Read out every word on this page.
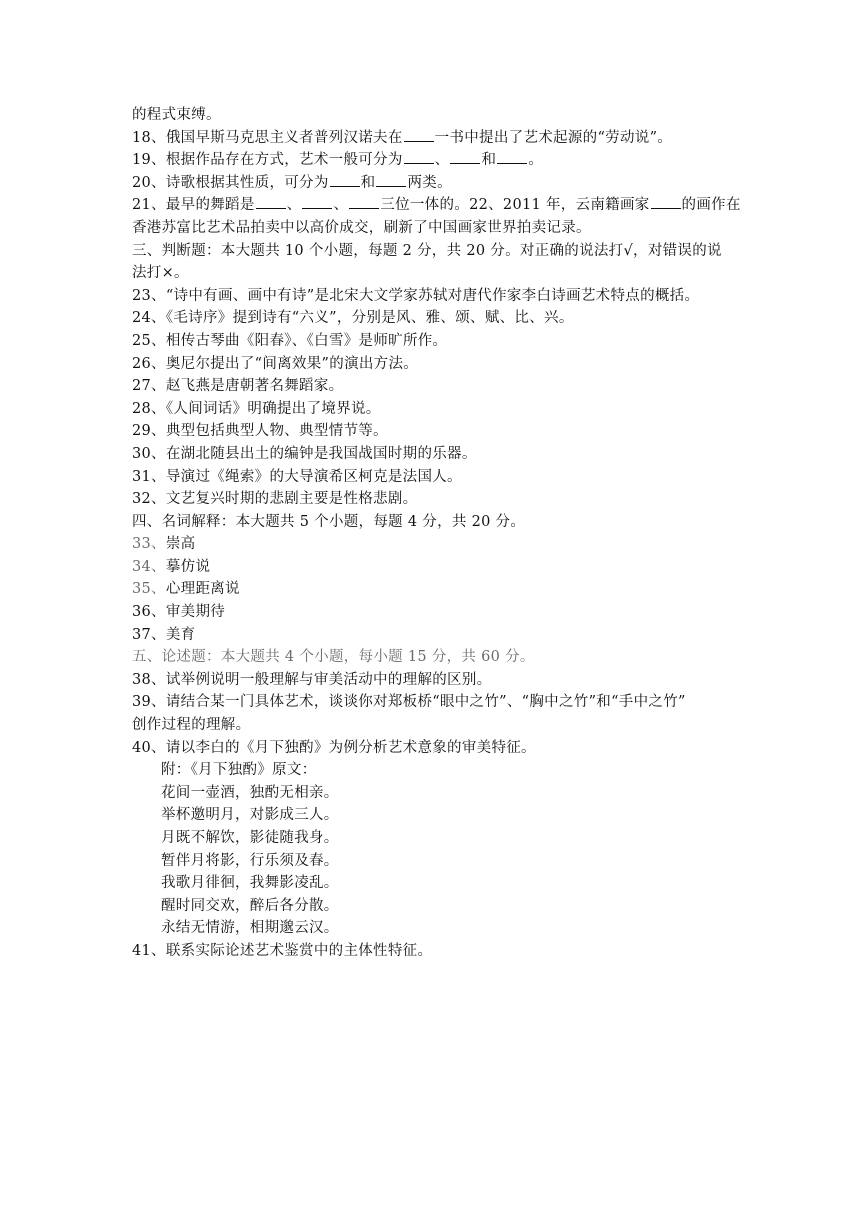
的程式束缚。
18、俄国早斯马克思主义者普列汉诺夫在 一书中提出了艺术起源的“劳动说”。
19、根据作品存在方式，艺术一般可分为 、 和 。
20、诗歌根据其性质，可分为 和 两类。
21、最早的舞蹈是 、 、 三位一体的。22、2011 年，云南籍画家 的画作在
香港苏富比艺术品拍卖中以高价成交，刷新了中国画家世界拍卖记录。
三、判断题：本大题共 10 个小题，每题 2 分，共 20 分。对正确的说法打√，对错误的说
法打×。
23、“诗中有画、画中有诗”是北宋大文学家苏轼对唐代作家李白诗画艺术特点的概括。
24、《毛诗序》提到诗有“六义”，分别是风、雅、颂、赋、比、兴。
25、相传古琴曲《阳春》、《白雪》是师旷所作。
26、奥尼尔提出了“间离效果”的演出方法。
27、赵飞燕是唐朝著名舞蹈家。
28、《人间词话》明确提出了境界说。
29、典型包括典型人物、典型情节等。
30、在湖北随县出土的编钟是我国战国时期的乐器。
31、导演过《绳索》的大导演希区柯克是法国人。
32、文艺复兴时期的悲剧主要是性格悲剧。
四、名词解释：本大题共 5 个小题，每题 4 分，共 20 分。
33、崇高
34、摹仿说
35、心理距离说
36、审美期待
37、美育
五、论述题：本大题共 4 个小题，每小题 15 分，共 60 分。
38、试举例说明一般理解与审美活动中的理解的区别。
39、请结合某一门具体艺术，谈谈你对郑板桥“眼中之竹”、“胸中之竹”和“手中之竹”
创作过程的理解。
40、请以李白的《月下独酌》为例分析艺术意象的审美特征。
附：《月下独酌》原文：
花间一壶酒，独酌无相亲。
举杯邀明月，对影成三人。
月既不解饮，影徒随我身。
暂伴月将影，行乐须及春。
我歌月徘徊，我舞影凌乱。
醒时同交欢，醉后各分散。
永结无情游，相期邈云汉。
41、联系实际论述艺术鉴赏中的主体性特征。
